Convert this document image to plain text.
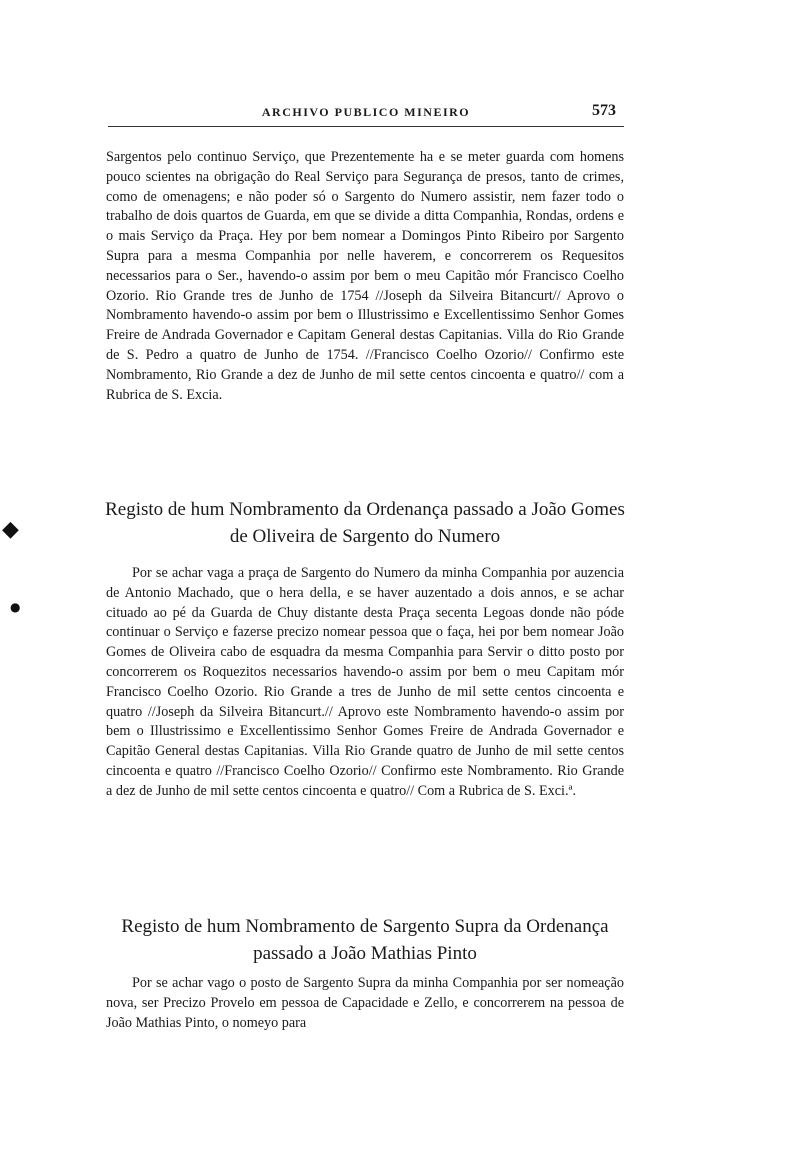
ARCHIVO PUBLICO MINEIRO	573

Sargentos pelo continuo Serviço, que Prezentemente ha e se meter guarda com homens pouco scientes na obrigação do Real Serviço para Segurança de presos, tanto de crimes, como de omenagens; e não poder só o Sargento do Numero assistir, nem fazer todo o trabalho de dois quartos de Guarda, em que se divide a ditta Companhia, Rondas, ordens e o mais Serviço da Praça. Hey por bem nomear a Domingos Pinto Ribeiro por Sargento Supra para a mesma Companhia por nelle haverem, e concorrerem os Requesitos necessarios para o Ser., havendo-o assim por bem o meu Capitão mór Francisco Coelho Ozorio. Rio Grande tres de Junho de 1754 //Joseph da Silveira Bitancurt// Aprovo o Nombramento havendo-o assim por bem o Illustrissimo e Excellentissimo Senhor Gomes Freire de Andrada Governador e Capitam General destas Capitanias. Villa do Rio Grande de S. Pedro a quatro de Junho de 1754. //Francisco Coelho Ozorio// Confirmo este Nombramento, Rio Grande a dez de Junho de mil sette centos cincoenta e quatro// com a Rubrica de S. Excia.

Registo de hum Nombramento da Ordenança passado a João Gomes de Oliveira de Sargento do Numero

Por se achar vaga a praça de Sargento do Numero da minha Companhia por auzencia de Antonio Machado, que o hera della, e se haver auzentado a dois annos, e se achar cituado ao pé da Guarda de Chuy distante desta Praça secenta Legoas donde não póde continuar o Serviço e fazerse precizo nomear pessoa que o faça, hei por bem nomear João Gomes de Oliveira cabo de esquadra da mesma Companhia para Servir o ditto posto por concorrerem os Roquezitos necessarios havendo-o assim por bem o meu Capitam mór Francisco Coelho Ozorio. Rio Grande a tres de Junho de mil sette centos cincoenta e quatro //Joseph da Silveira Bitancurt.// Aprovo este Nombramento havendo-o assim por bem o Illustrissimo e Excellentissimo Senhor Gomes Freire de Andrada Governador e Capitão General destas Capitanias. Villa Rio Grande quatro de Junho de mil sette centos cincoenta e quatro //Francisco Coelho Ozorio// Confirmo este Nombramento. Rio Grande a dez de Junho de mil sette centos cincoenta e quatro// Com a Rubrica de S. Exci.ª.

Registo de hum Nombramento de Sargento Supra da Ordenança passado a João Mathias Pinto

Por se achar vago o posto de Sargento Supra da minha Companhia por ser nomeação nova, ser Precizo Provelo em pessoa de Capacidade e Zello, e concorrerem na pessoa de João Mathias Pinto, o nomeyo para

◆
●
